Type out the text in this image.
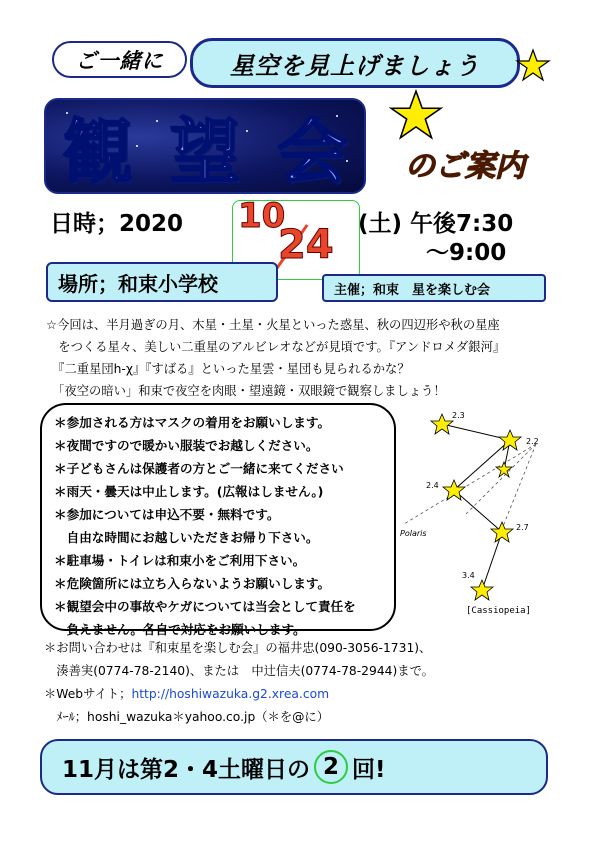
ご一緒に	星空を見上げましょう
観 望 会	のご案内
日時；2020 10
24 (土) 午後7:30
～9:00
場所；和束小学校	主催；和束　星を楽しむ会
☆今回は、半月過ぎの月、木星・土星・火星といった惑星、秋の四辺形や秋の星座
　をつくる星々、美しい二重星のアルビレオなどが見頃です。『アンドロメダ銀河』
　『二重星団h-χ』『すばる』といった星雲・星団も見られるかな？
　「夜空の暗い」和束で夜空を肉眼・望遠鏡・双眼鏡で観察しましょう！
＊参加される方はマスクの着用をお願いします。
＊夜間ですので暖かい服装でお越しください。
＊子どもさんは保護者の方とご一緒に来てください
＊雨天・曇天は中止します。(広報はしません。)
＊参加については申込不要・無料です。
　自由な時間にお越しいただきお帰り下さい。
＊駐車場・トイレは和束小をご利用下さい。
＊危険箇所には立ち入らないようお願いします。
＊観望会中の事故やケガについては当会として責任を
　負えません。各自で対応をお願いします。
2.3
2.2
2.4
2.7
3.4
Polaris
[Cassiopeia]
＊お問い合わせは『和束星を楽しむ会』の福井忠(090-3056-1731)、
　湊善実(0774-78-2140)、または　中辻信夫(0774-78-2944)まで。
＊Webサイト；http://hoshiwazuka.g2.xrea.com
　ﾒｰﾙ；hoshi_wazuka＊yahoo.co.jp（＊を@に）
11月は第2・4土曜日の 2 回!
